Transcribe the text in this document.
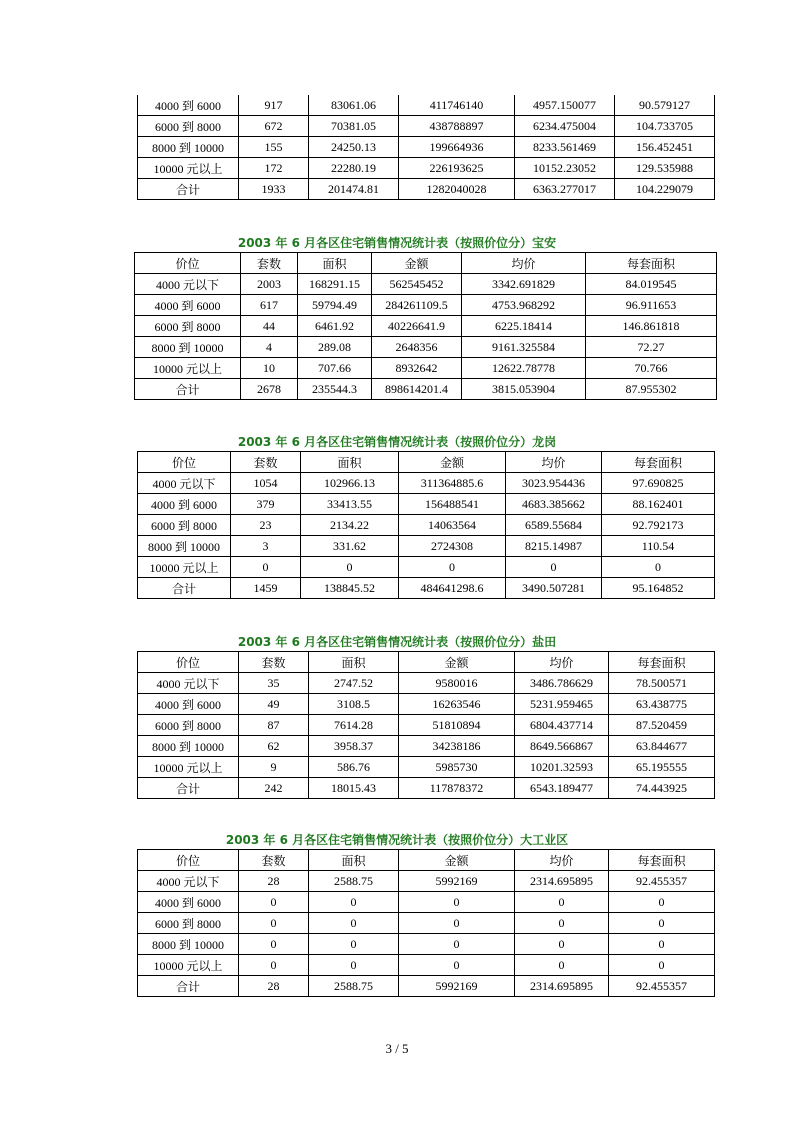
4000 到 6000	917	83061.06	411746140	4957.150077	90.579127
6000 到 8000	672	70381.05	438788897	6234.475004	104.733705
8000 到 10000	155	24250.13	199664936	8233.561469	156.452451
10000 元以上	172	22280.19	226193625	10152.23052	129.535988
合计	1933	201474.81	1282040028	6363.277017	104.229079
2003 年 6 月各区住宅销售情况统计表（按照价位分）宝安
价位	套数	面积	金额	均价	每套面积
4000 元以下	2003	168291.15	562545452	3342.691829	84.019545
4000 到 6000	617	59794.49	284261109.5	4753.968292	96.911653
6000 到 8000	44	6461.92	40226641.9	6225.18414	146.861818
8000 到 10000	4	289.08	2648356	9161.325584	72.27
10000 元以上	10	707.66	8932642	12622.78778	70.766
合计	2678	235544.3	898614201.4	3815.053904	87.955302
2003 年 6 月各区住宅销售情况统计表（按照价位分）龙岗
价位	套数	面积	金额	均价	每套面积
4000 元以下	1054	102966.13	311364885.6	3023.954436	97.690825
4000 到 6000	379	33413.55	156488541	4683.385662	88.162401
6000 到 8000	23	2134.22	14063564	6589.55684	92.792173
8000 到 10000	3	331.62	2724308	8215.14987	110.54
10000 元以上	0	0	0	0	0
合计	1459	138845.52	484641298.6	3490.507281	95.164852
2003 年 6 月各区住宅销售情况统计表（按照价位分）盐田
价位	套数	面积	金额	均价	每套面积
4000 元以下	35	2747.52	9580016	3486.786629	78.500571
4000 到 6000	49	3108.5	16263546	5231.959465	63.438775
6000 到 8000	87	7614.28	51810894	6804.437714	87.520459
8000 到 10000	62	3958.37	34238186	8649.566867	63.844677
10000 元以上	9	586.76	5985730	10201.32593	65.195555
合计	242	18015.43	117878372	6543.189477	74.443925
2003 年 6 月各区住宅销售情况统计表（按照价位分）大工业区
价位	套数	面积	金额	均价	每套面积
4000 元以下	28	2588.75	5992169	2314.695895	92.455357
4000 到 6000	0	0	0	0	0
6000 到 8000	0	0	0	0	0
8000 到 10000	0	0	0	0	0
10000 元以上	0	0	0	0	0
合计	28	2588.75	5992169	2314.695895	92.455357
3 / 5
